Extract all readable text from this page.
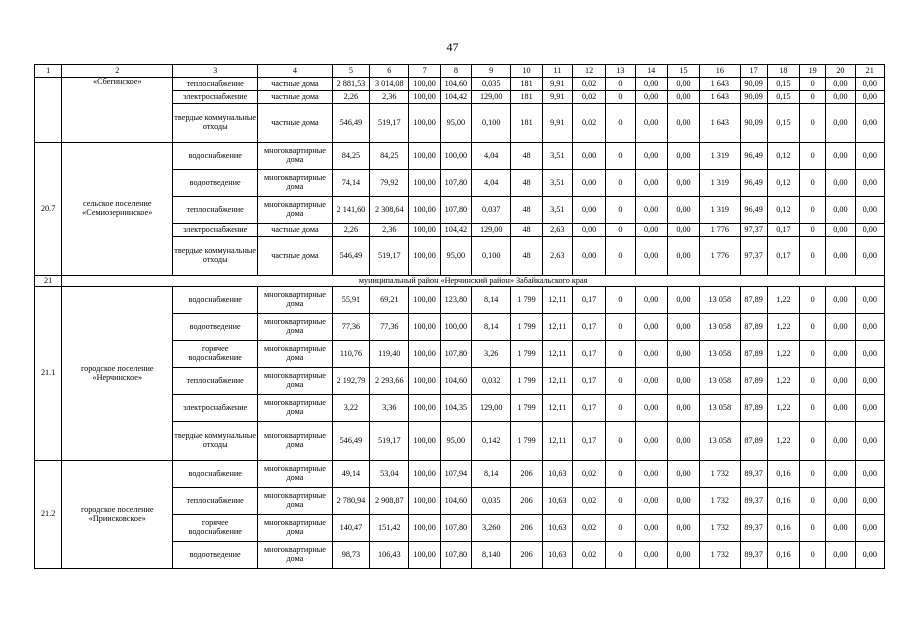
47
1	2	3	4	5	6	7	8	9	10	11	12	13	14	15	16	17	18	19	20	21
	«Сбегинское»	теплоснабжение	частные дома	2 881,53	3 014,08	100,00	104,60	0,035	181	9,91	0,02	0	0,00	0,00	1 643	90,09	0,15	0	0,00	0,00
		электроснабжение	частные дома	2,26	2,36	100,00	104,42	129,00	181	9,91	0,02	0	0,00	0,00	1 643	90,09	0,15	0	0,00	0,00
		твердые коммунальные отходы	частные дома	546,49	519,17	100,00	95,00	0,100	181	9,91	0,02	0	0,00	0,00	1 643	90,09	0,15	0	0,00	0,00
20.7	сельское поселение «Семиозернинское»	водоснабжение	многоквартирные дома	84,25	84,25	100,00	100,00	4,04	48	3,51	0,00	0	0,00	0,00	1 319	96,49	0,12	0	0,00	0,00
		водоотведение	многоквартирные дома	74,14	79,92	100,00	107,80	4,04	48	3,51	0,00	0	0,00	0,00	1 319	96,49	0,12	0	0,00	0,00
		теплоснабжение	многоквартирные дома	2 141,60	2 308,64	100,00	107,80	0,037	48	3,51	0,00	0	0,00	0,00	1 319	96,49	0,12	0	0,00	0,00
		электроснабжение	частные дома	2,26	2,36	100,00	104,42	129,00	48	2,63	0,00	0	0,00	0,00	1 776	97,37	0,17	0	0,00	0,00
		твердые коммунальные отходы	частные дома	546,49	519,17	100,00	95,00	0,100	48	2,63	0,00	0	0,00	0,00	1 776	97,37	0,17	0	0,00	0,00
21	муниципальный район «Нерчинский район» Забайкальского края																			
21.1	городское поселение «Нерчинское»	водоснабжение	многоквартирные дома	55,91	69,21	100,00	123,80	8,14	1 799	12,11	0,17	0	0,00	0,00	13 058	87,89	1,22	0	0,00	0,00
		водоотведение	многоквартирные дома	77,36	77,36	100,00	100,00	8,14	1 799	12,11	0,17	0	0,00	0,00	13 058	87,89	1,22	0	0,00	0,00
		горячее водоснабжение	многоквартирные дома	110,76	119,40	100,00	107,80	3,26	1 799	12,11	0,17	0	0,00	0,00	13 058	87,89	1,22	0	0,00	0,00
		теплоснабжение	многоквартирные дома	2 192,79	2 293,66	100,00	104,60	0,032	1 799	12,11	0,17	0	0,00	0,00	13 058	87,89	1,22	0	0,00	0,00
		электроснабжение	многоквартирные дома	3,22	3,36	100,00	104,35	129,00	1 799	12,11	0,17	0	0,00	0,00	13 058	87,89	1,22	0	0,00	0,00
		твердые коммунальные отходы	многоквартирные дома	546,49	519,17	100,00	95,00	0,142	1 799	12,11	0,17	0	0,00	0,00	13 058	87,89	1,22	0	0,00	0,00
21.2	городское поселение «Приисковское»	водоснабжение	многоквартирные дома	49,14	53,04	100,00	107,94	8,14	206	10,63	0,02	0	0,00	0,00	1 732	89,37	0,16	0	0,00	0,00
		теплоснабжение	многоквартирные дома	2 780,94	2 908,87	100,00	104,60	0,035	206	10,63	0,02	0	0,00	0,00	1 732	89,37	0,16	0	0,00	0,00
		горячее водоснабжение	многоквартирные дома	140,47	151,42	100,00	107,80	3,260	206	10,63	0,02	0	0,00	0,00	1 732	89,37	0,16	0	0,00	0,00
		водоотведение	многоквартирные дома	98,73	106,43	100,00	107,80	8,140	206	10,63	0,02	0	0,00	0,00	1 732	89,37	0,16	0	0,00	0,00
